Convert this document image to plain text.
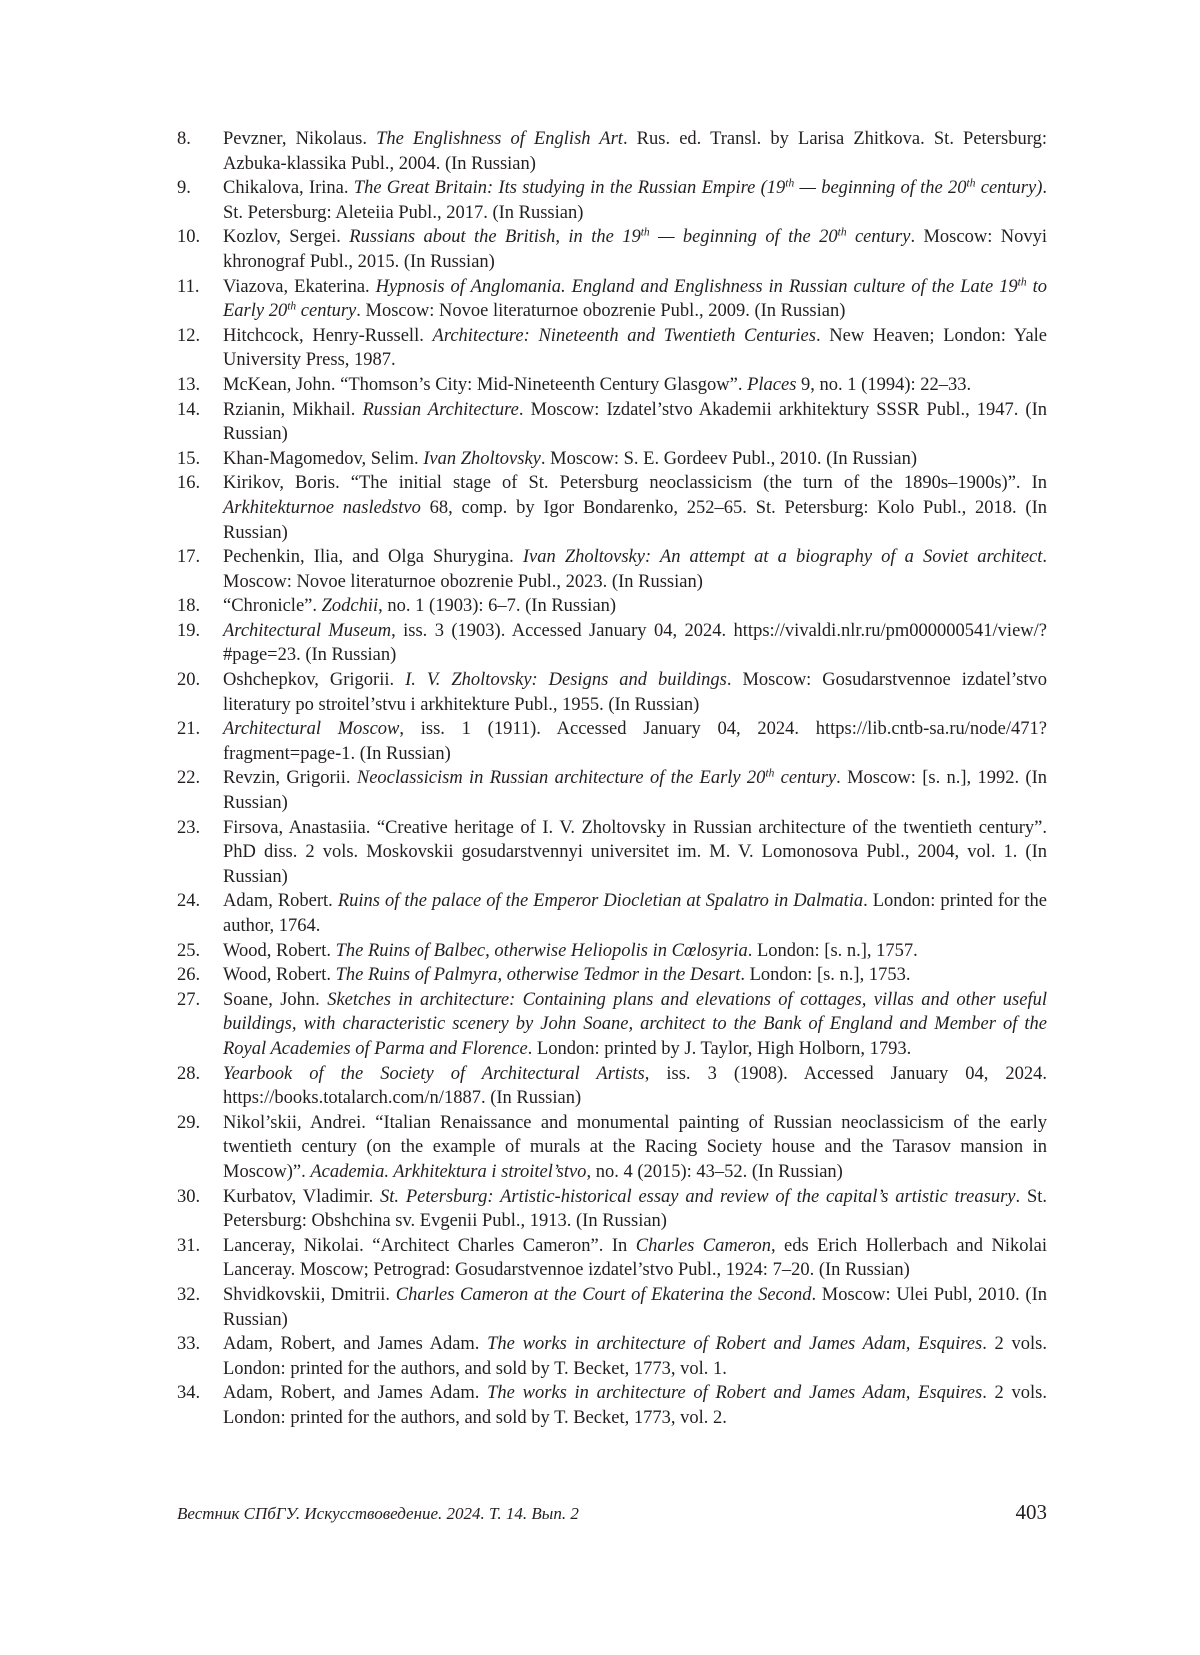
8.	Pevzner, Nikolaus. The Englishness of English Art. Rus. ed. Transl. by Larisa Zhitkova. St. Petersburg: Azbuka-klassika Publ., 2004. (In Russian)
9.	Chikalova, Irina. The Great Britain: Its studying in the Russian Empire (19th — beginning of the 20th century). St. Petersburg: Aleteiia Publ., 2017. (In Russian)
10.	Kozlov, Sergei. Russians about the British, in the 19th — beginning of the 20th century. Moscow: Novyi khronograf Publ., 2015. (In Russian)
11.	Viazova, Ekaterina. Hypnosis of Anglomania. England and Englishness in Russian culture of the Late 19th to Early 20th century. Moscow: Novoe literaturnoe obozrenie Publ., 2009. (In Russian)
12.	Hitchcock, Henry-Russell. Architecture: Nineteenth and Twentieth Centuries. New Heaven; London: Yale University Press, 1987.
13.	McKean, John. “Thomson’s City: Mid-Nineteenth Century Glasgow”. Places 9, no. 1 (1994): 22–33.
14.	Rzianin, Mikhail. Russian Architecture. Moscow: Izdatel’stvo Akademii arkhitektury SSSR Publ., 1947. (In Russian)
15.	Khan-Magomedov, Selim. Ivan Zholtovsky. Moscow: S. E. Gordeev Publ., 2010. (In Russian)
16.	Kirikov, Boris. “The initial stage of St. Petersburg neoclassicism (the turn of the 1890s–1900s)”. In Arkhitekturnoe nasledstvo 68, comp. by Igor Bondarenko, 252–65. St. Petersburg: Kolo Publ., 2018. (In Russian)
17.	Pechenkin, Ilia, and Olga Shurygina. Ivan Zholtovsky: An attempt at a biography of a Soviet architect. Moscow: Novoe literaturnoe obozrenie Publ., 2023. (In Russian)
18.	“Chronicle”. Zodchii, no. 1 (1903): 6–7. (In Russian)
19.	Architectural Museum, iss. 3 (1903). Accessed January 04, 2024. https://vivaldi.nlr.ru/pm000000541/view/?#page=23. (In Russian)
20.	Oshchepkov, Grigorii. I. V. Zholtovsky: Designs and buildings. Moscow: Gosudarstvennoe izdatel’stvo literatury po stroitel’stvu i arkhitekture Publ., 1955. (In Russian)
21.	Architectural Moscow, iss. 1 (1911). Accessed January 04, 2024. https://lib.cntb-sa.ru/node/471?fragment=page-1. (In Russian)
22.	Revzin, Grigorii. Neoclassicism in Russian architecture of the Early 20th century. Moscow: [s. n.], 1992. (In Russian)
23.	Firsova, Anastasiia. “Creative heritage of I. V. Zholtovsky in Russian architecture of the twentieth century”. PhD diss. 2 vols. Moskovskii gosudarstvennyi universitet im. M. V. Lomonosova Publ., 2004, vol. 1. (In Russian)
24.	Adam, Robert. Ruins of the palace of the Emperor Diocletian at Spalatro in Dalmatia. London: printed for the author, 1764.
25.	Wood, Robert. The Ruins of Balbec, otherwise Heliopolis in Cœlosyria. London: [s. n.], 1757.
26.	Wood, Robert. The Ruins of Palmyra, otherwise Tedmor in the Desart. London: [s. n.], 1753.
27.	Soane, John. Sketches in architecture: Containing plans and elevations of cottages, villas and other useful buildings, with characteristic scenery by John Soane, architect to the Bank of England and Member of the Royal Academies of Parma and Florence. London: printed by J. Taylor, High Holborn, 1793.
28.	Yearbook of the Society of Architectural Artists, iss. 3 (1908). Accessed January 04, 2024. https://books.totalarch.com/n/1887. (In Russian)
29.	Nikol’skii, Andrei. “Italian Renaissance and monumental painting of Russian neoclassicism of the early twentieth century (on the example of murals at the Racing Society house and the Tarasov mansion in Moscow)”. Academia. Arkhitektura i stroitel’stvo, no. 4 (2015): 43–52. (In Russian)
30.	Kurbatov, Vladimir. St. Petersburg: Artistic-historical essay and review of the capital’s artistic treasury. St. Petersburg: Obshchina sv. Evgenii Publ., 1913. (In Russian)
31.	Lanceray, Nikolai. “Architect Charles Cameron”. In Charles Cameron, eds Erich Hollerbach and Nikolai Lanceray. Moscow; Petrograd: Gosudarstvennoe izdatel’stvo Publ., 1924: 7–20. (In Russian)
32.	Shvidkovskii, Dmitrii. Charles Cameron at the Court of Ekaterina the Second. Moscow: Ulei Publ, 2010. (In Russian)
33.	Adam, Robert, and James Adam. The works in architecture of Robert and James Adam, Esquires. 2 vols. London: printed for the authors, and sold by T. Becket, 1773, vol. 1.
34.	Adam, Robert, and James Adam. The works in architecture of Robert and James Adam, Esquires. 2 vols. London: printed for the authors, and sold by T. Becket, 1773, vol. 2.
Вестник СПбГУ. Искусствоведение. 2024. Т. 14. Вып. 2	403
